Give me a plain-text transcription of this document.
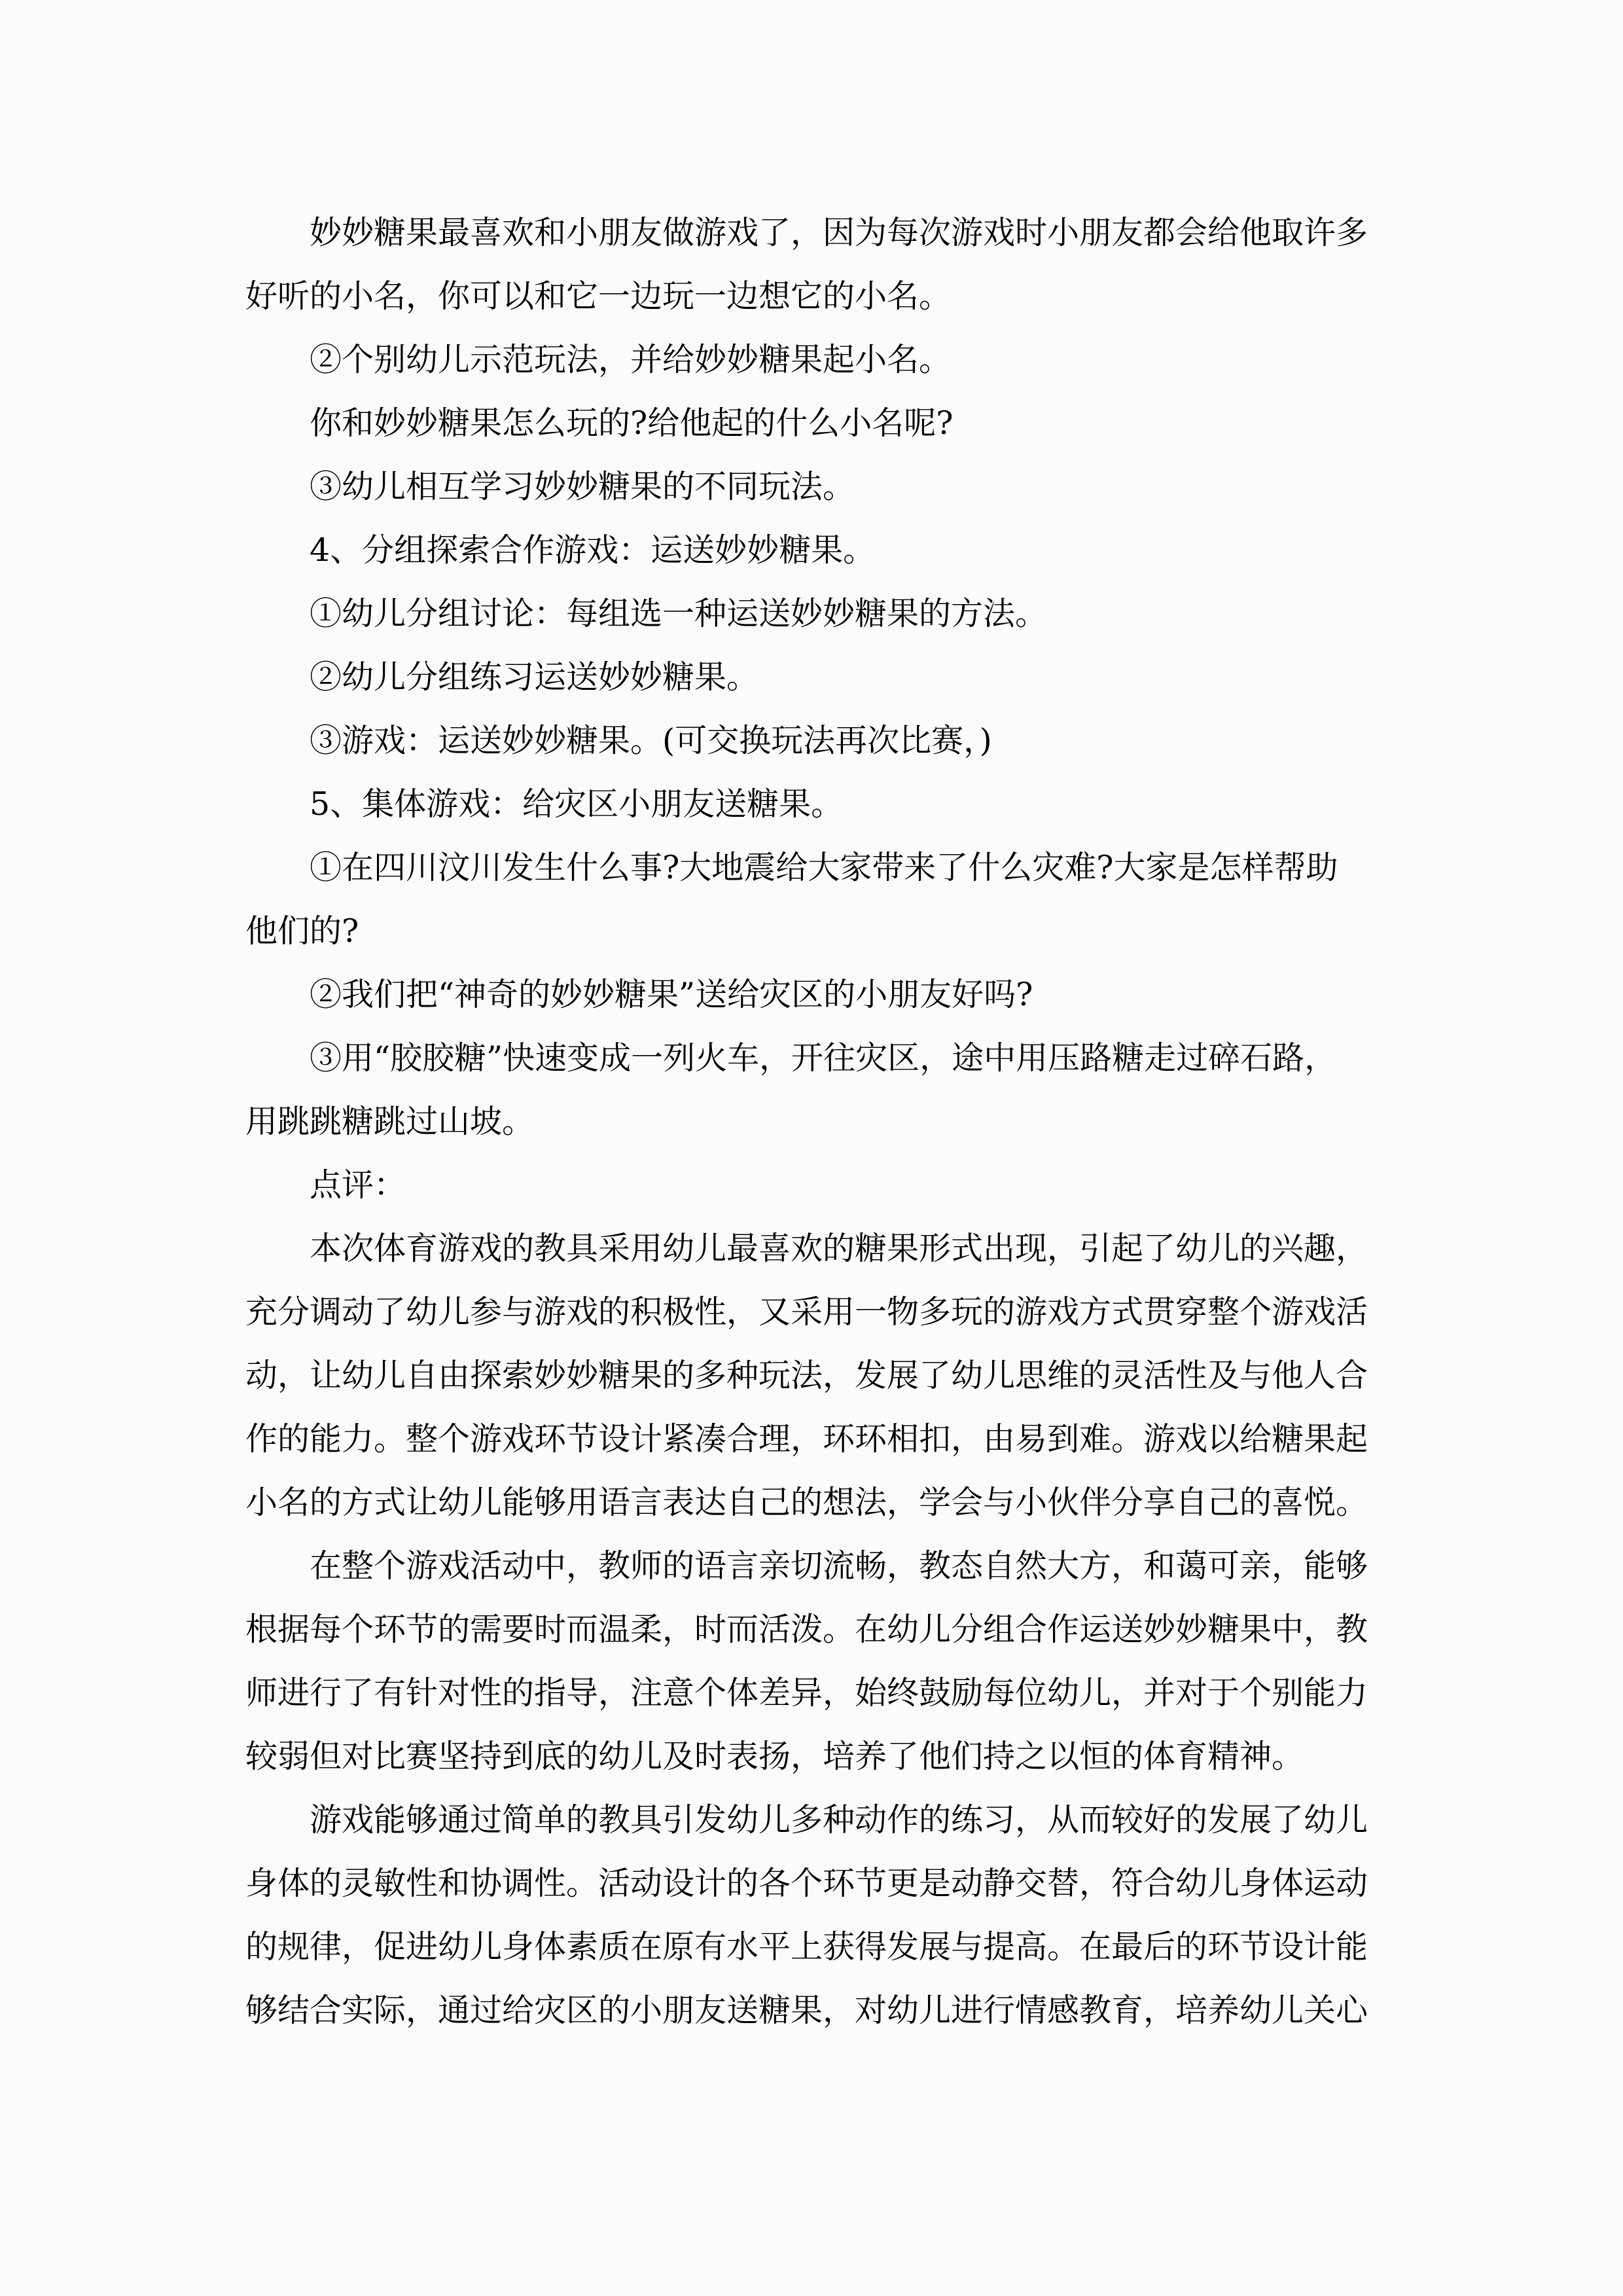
妙妙糖果最喜欢和小朋友做游戏了，因为每次游戏时小朋友都会给他取许多
好听的小名，你可以和它一边玩一边想它的小名。
②个别幼儿示范玩法，并给妙妙糖果起小名。
你和妙妙糖果怎么玩的?给他起的什么小名呢?
③幼儿相互学习妙妙糖果的不同玩法。
4、分组探索合作游戏：运送妙妙糖果。
①幼儿分组讨论：每组选一种运送妙妙糖果的方法。
②幼儿分组练习运送妙妙糖果。
③游戏：运送妙妙糖果。(可交换玩法再次比赛，)
5、集体游戏：给灾区小朋友送糖果。
①在四川汶川发生什么事?大地震给大家带来了什么灾难?大家是怎样帮助
他们的?
②我们把“神奇的妙妙糖果”送给灾区的小朋友好吗?
③用“胶胶糖”快速变成一列火车，开往灾区，途中用压路糖走过碎石路，
用跳跳糖跳过山坡。
点评：
本次体育游戏的教具采用幼儿最喜欢的糖果形式出现，引起了幼儿的兴趣，
充分调动了幼儿参与游戏的积极性，又采用一物多玩的游戏方式贯穿整个游戏活
动，让幼儿自由探索妙妙糖果的多种玩法，发展了幼儿思维的灵活性及与他人合
作的能力。整个游戏环节设计紧凑合理，环环相扣，由易到难。游戏以给糖果起
小名的方式让幼儿能够用语言表达自己的想法，学会与小伙伴分享自己的喜悦。
在整个游戏活动中，教师的语言亲切流畅，教态自然大方，和蔼可亲，能够
根据每个环节的需要时而温柔，时而活泼。在幼儿分组合作运送妙妙糖果中，教
师进行了有针对性的指导，注意个体差异，始终鼓励每位幼儿，并对于个别能力
较弱但对比赛坚持到底的幼儿及时表扬，培养了他们持之以恒的体育精神。
游戏能够通过简单的教具引发幼儿多种动作的练习，从而较好的发展了幼儿
身体的灵敏性和协调性。活动设计的各个环节更是动静交替，符合幼儿身体运动
的规律，促进幼儿身体素质在原有水平上获得发展与提高。在最后的环节设计能
够结合实际，通过给灾区的小朋友送糖果，对幼儿进行情感教育，培养幼儿关心
